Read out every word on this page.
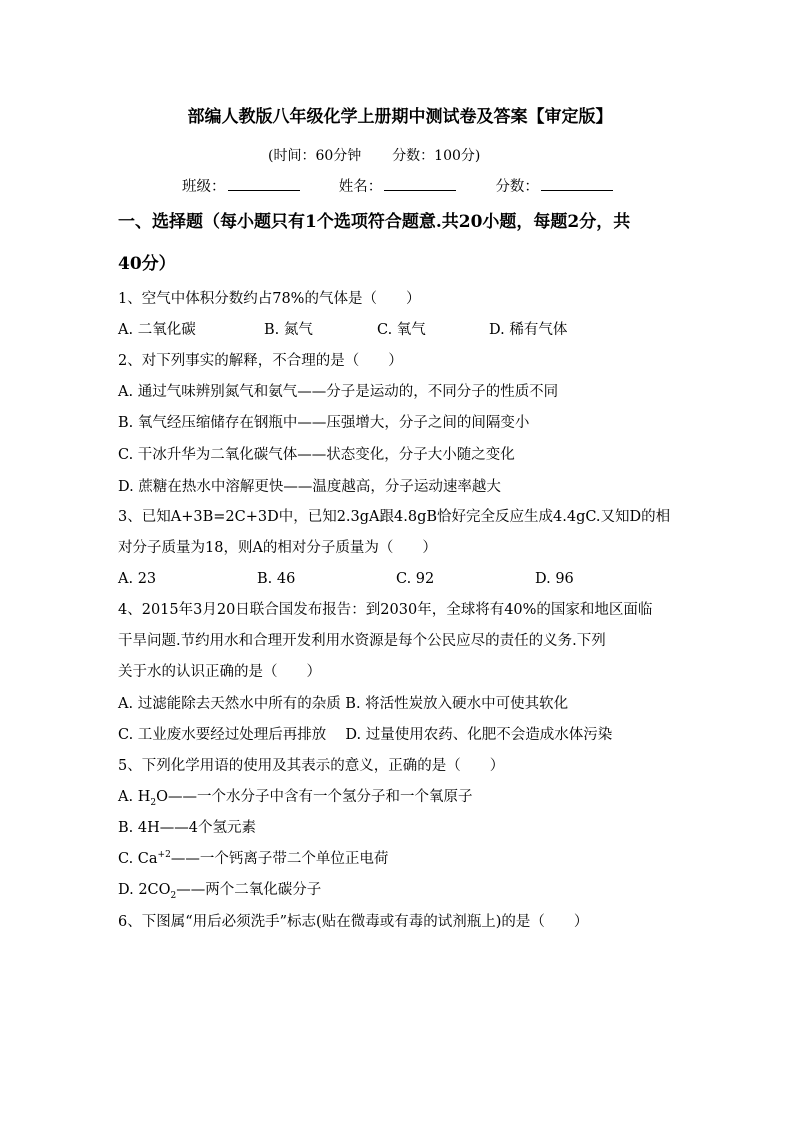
部编人教版八年级化学上册期中测试卷及答案【审定版】
(时间：60分钟 分数：100分)
班级：	姓名：	分数：
一、选择题（每小题只有1个选项符合题意.共20小题，每题2分，共
40分）
1、空气中体积分数约占78%的气体是（　　）
A. 二氧化碳	B. 氮气	C. 氧气	D. 稀有气体
2、对下列事实的解释，不合理的是（　　）
A. 通过气味辨别氮气和氨气——分子是运动的，不同分子的性质不同
B. 氧气经压缩储存在钢瓶中——压强增大，分子之间的间隔变小
C. 干冰升华为二氧化碳气体——状态变化，分子大小随之变化
D. 蔗糖在热水中溶解更快——温度越高，分子运动速率越大
3、已知A+3B=2C+3D中，已知2.3gA跟4.8gB恰好完全反应生成4.4gC.又知D的相
对分子质量为18，则A的相对分子质量为（　　）
A. 23	B. 46	C. 92	D. 96
4、2015年3月20日联合国发布报告：到2030年，全球将有40%的国家和地区面临
干旱问题.节约用水和合理开发利用水资源是每个公民应尽的责任的义务.下列
关于水的认识正确的是（　　）
A. 过滤能除去天然水中所有的杂质 B. 将活性炭放入硬水中可使其软化
C. 工业废水要经过处理后再排放　 D. 过量使用农药、化肥不会造成水体污染
5、下列化学用语的使用及其表示的意义，正确的是（　　）
A. $H_2O——$一个水分子中含有一个氢分子和一个氧原子
B. 4H——4个氢元素
C. $Ca^{+2}——$一个钙离子带二个单位正电荷
D. $2CO_2——$两个二氧化碳分子
6、下图属“用后必须洗手”标志(贴在微毒或有毒的试剂瓶上)的是（　　）
